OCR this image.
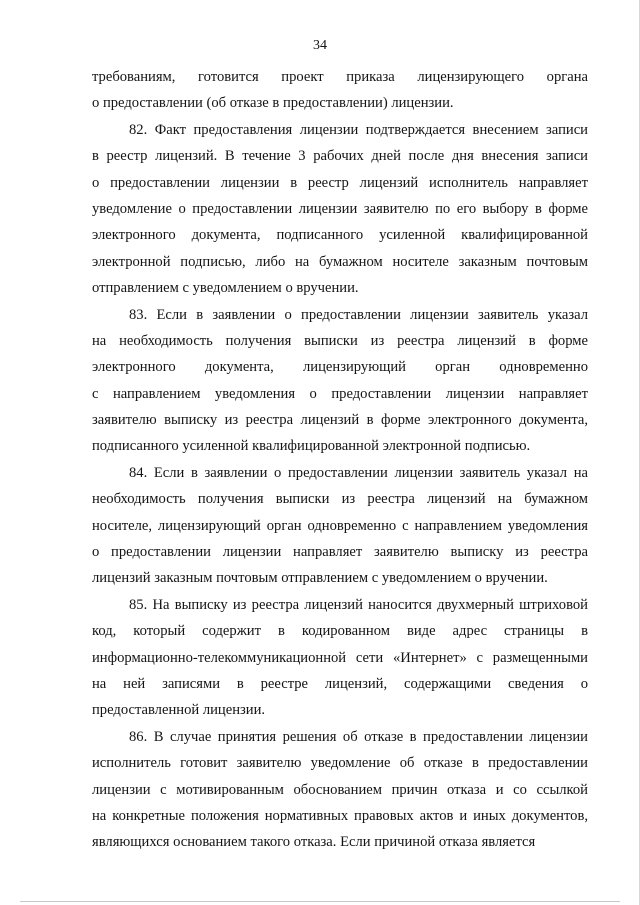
34
требованиям, готовится проект приказа лицензирующего органа
о предоставлении (об отказе в предоставлении) лицензии.
82. Факт предоставления лицензии подтверждается внесением записи
в реестр лицензий. В течение 3 рабочих дней после дня внесения записи
о предоставлении лицензии в реестр лицензий исполнитель направляет
уведомление о предоставлении лицензии заявителю по его выбору в форме
электронного документа, подписанного усиленной квалифицированной
электронной подписью, либо на бумажном носителе заказным почтовым
отправлением с уведомлением о вручении.
83. Если в заявлении о предоставлении лицензии заявитель указал
на необходимость получения выписки из реестра лицензий в форме
электронного документа, лицензирующий орган одновременно
с направлением уведомления о предоставлении лицензии направляет
заявителю выписку из реестра лицензий в форме электронного документа,
подписанного усиленной квалифицированной электронной подписью.
84. Если в заявлении о предоставлении лицензии заявитель указал на
необходимость получения выписки из реестра лицензий на бумажном
носителе, лицензирующий орган одновременно с направлением уведомления
о предоставлении лицензии направляет заявителю выписку из реестра
лицензий заказным почтовым отправлением с уведомлением о вручении.
85. На выписку из реестра лицензий наносится двухмерный штриховой
код, который содержит в кодированном виде адрес страницы в
информационно-телекоммуникационной сети «Интернет» с размещенными
на ней записями в реестре лицензий, содержащими сведения о
предоставленной лицензии.
86. В случае принятия решения об отказе в предоставлении лицензии
исполнитель готовит заявителю уведомление об отказе в предоставлении
лицензии с мотивированным обоснованием причин отказа и со ссылкой
на конкретные положения нормативных правовых актов и иных документов,
являющихся основанием такого отказа. Если причиной отказа является
